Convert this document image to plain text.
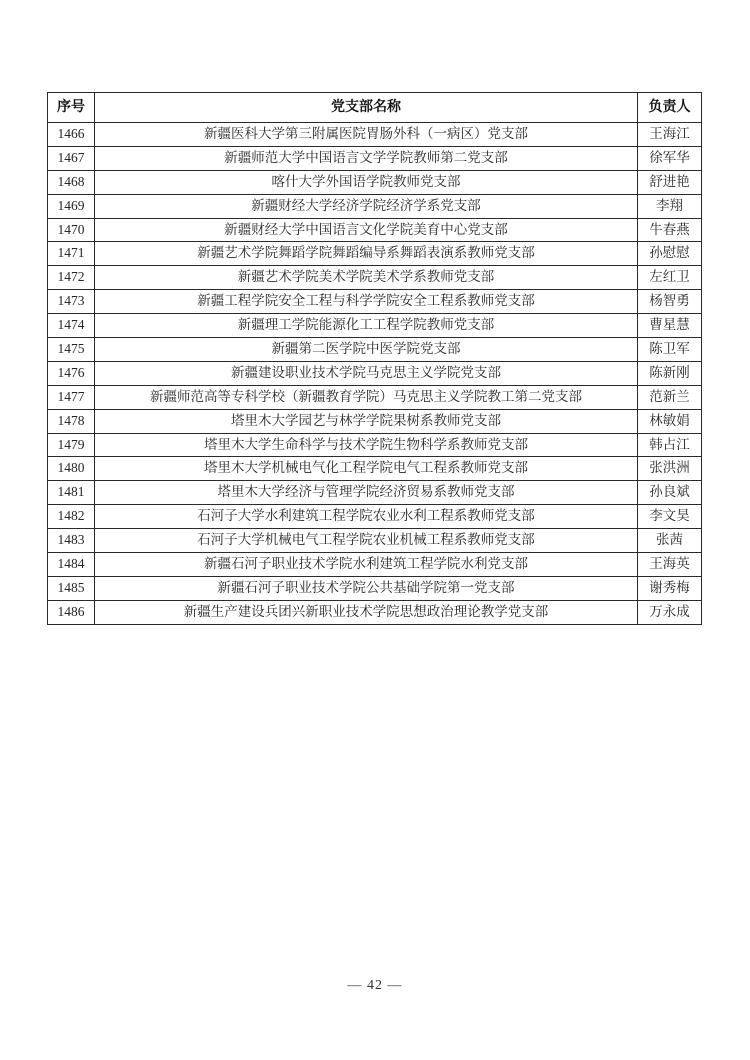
序号	党支部名称	负责人
1466	新疆医科大学第三附属医院胃肠外科（一病区）党支部	王海江
1467	新疆师范大学中国语言文学学院教师第二党支部	徐军华
1468	喀什大学外国语学院教师党支部	舒进艳
1469	新疆财经大学经济学院经济学系党支部	李翔
1470	新疆财经大学中国语言文化学院美育中心党支部	牛春燕
1471	新疆艺术学院舞蹈学院舞蹈编导系舞蹈表演系教师党支部	孙慰慰
1472	新疆艺术学院美术学院美术学系教师党支部	左红卫
1473	新疆工程学院安全工程与科学学院安全工程系教师党支部	杨智勇
1474	新疆理工学院能源化工工程学院教师党支部	曹星慧
1475	新疆第二医学院中医学院党支部	陈卫军
1476	新疆建设职业技术学院马克思主义学院党支部	陈新刚
1477	新疆师范高等专科学校（新疆教育学院）马克思主义学院教工第二党支部	范新兰
1478	塔里木大学园艺与林学学院果树系教师党支部	林敏娟
1479	塔里木大学生命科学与技术学院生物科学系教师党支部	韩占江
1480	塔里木大学机械电气化工程学院电气工程系教师党支部	张洪洲
1481	塔里木大学经济与管理学院经济贸易系教师党支部	孙良斌
1482	石河子大学水利建筑工程学院农业水利工程系教师党支部	李文昊
1483	石河子大学机械电气工程学院农业机械工程系教师党支部	张茜
1484	新疆石河子职业技术学院水利建筑工程学院水利党支部	王海英
1485	新疆石河子职业技术学院公共基础学院第一党支部	谢秀梅
1486	新疆生产建设兵团兴新职业技术学院思想政治理论教学党支部	万永成
— 42 —
